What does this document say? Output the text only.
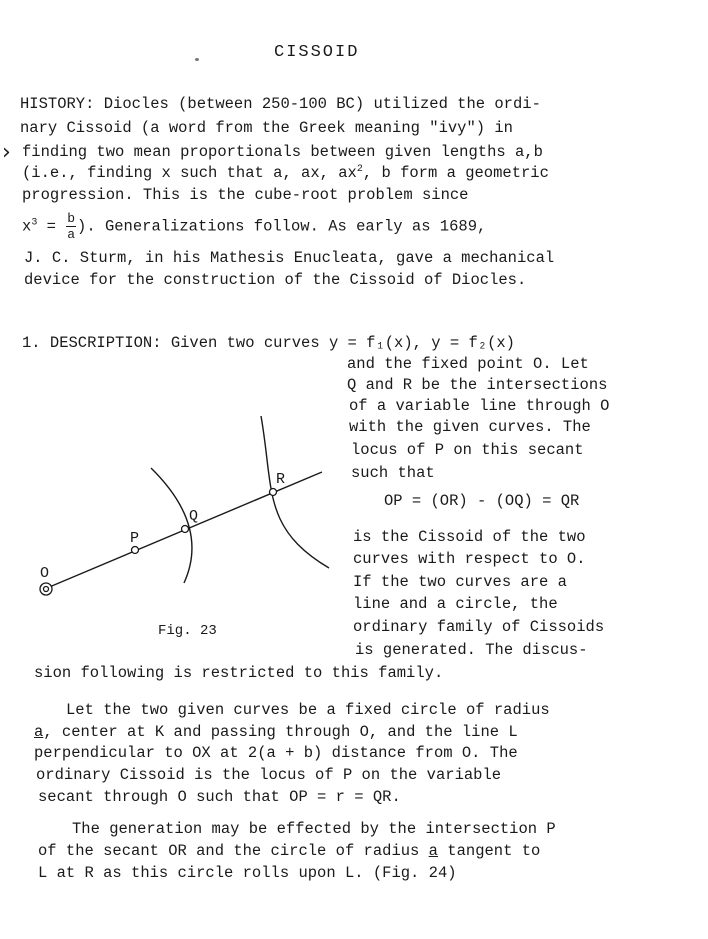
CISSOID
›
HISTORY: Diocles (between 250-100 BC) utilized the ordi-
nary Cissoid (a word from the Greek meaning "ivy") in
finding two mean proportionals between given lengths a,b
(i.e., finding x such that a, ax, $ax^2$, b form a geometric
progression. This is the cube-root problem since
$x^3 = \frac{b}{a}$ ). Generalizations follow. As early as 1689,
J. C. Sturm, in his Mathesis Enucleata, gave a mechanical
device for the construction of the Cissoid of Diocles.
1. DESCRIPTION: Given two curves y = f₁(x), y = f₂(x)
and the fixed point O. Let
Q and R be the intersections
of a variable line through O
with the given curves. The
locus of P on this secant
such that
OP = (OR) - (OQ) = QR
is the Cissoid of the two
curves with respect to O.
If the two curves are a
line and a circle, the
ordinary family of Cissoids
is generated. The discus-
sion following is restricted to this family.
O
P
Q
R
Fig. 23
Let the two given curves be a fixed circle of radius
a, center at K and passing through O, and the line L
perpendicular to OX at 2(a + b) distance from O. The
ordinary Cissoid is the locus of P on the variable
secant through O such that OP = r = QR.
The generation may be effected by the intersection P
of the secant OR and the circle of radius a tangent to
L at R as this circle rolls upon L. (Fig. 24)
